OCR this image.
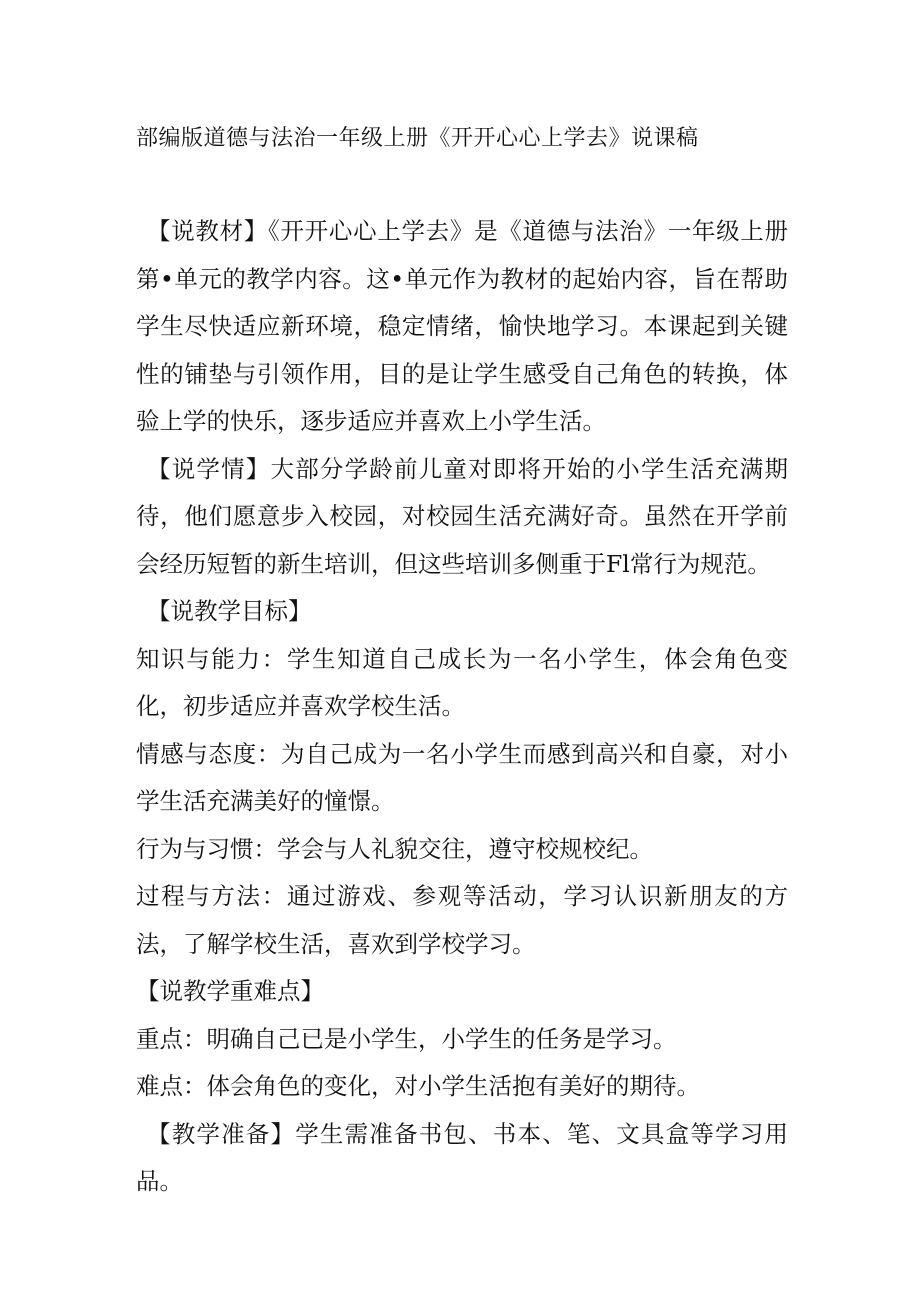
部编版道德与法治一年级上册《开开心心上学去》说课稿

【说教材】《开开心心上学去》是《道德与法治》一年级上册第•单元的教学内容。这•单元作为教材的起始内容，旨在帮助学生尽快适应新环境，稳定情绪，愉快地学习。本课起到关键性的铺垫与引领作用，目的是让学生感受自己角色的转换，体验上学的快乐，逐步适应并喜欢上小学生活。

【说学情】大部分学龄前儿童对即将开始的小学生活充满期待，他们愿意步入校园，对校园生活充满好奇。虽然在开学前会经历短暂的新生培训，但这些培训多侧重于Fl常行为规范。

【说教学目标】

知识与能力：学生知道自己成长为一名小学生，体会角色变化，初步适应并喜欢学校生活。

情感与态度：为自己成为一名小学生而感到高兴和自豪，对小学生活充满美好的憧憬。

行为与习惯：学会与人礼貌交往，遵守校规校纪。

过程与方法：通过游戏、参观等活动，学习认识新朋友的方法，了解学校生活，喜欢到学校学习。

【说教学重难点】

重点：明确自己已是小学生，小学生的任务是学习。

难点：体会角色的变化，对小学生活抱有美好的期待。

【教学准备】学生需准备书包、书本、笔、文具盒等学习用品。
